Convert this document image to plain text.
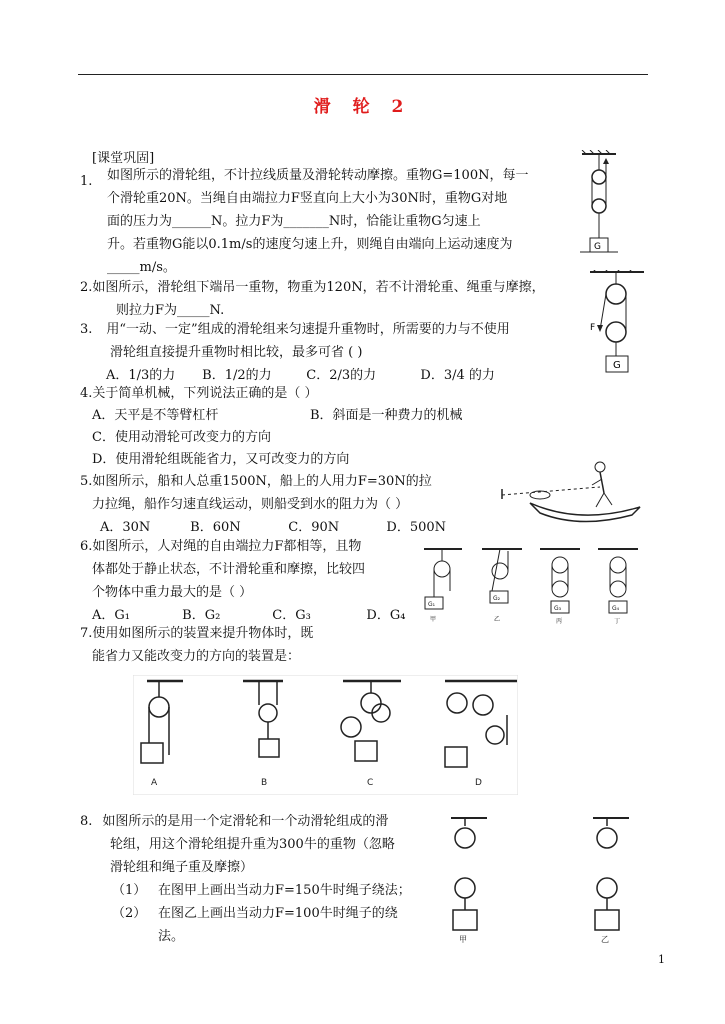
滑 轮 2
[课堂巩固]
1. 如图所示的滑轮组，不计拉线质量及滑轮转动摩擦。重物G=100N，每一
个滑轮重20N。当绳自由端拉力F竖直向上大小为30N时，重物G对地
面的压力为______N。拉力F为_______N时，恰能让重物G匀速上
升。若重物G能以0.1m/s的速度匀速上升，则绳自由端向上运动速度为
_____m/s。
G
2.如图所示，滑轮组下端吊一重物，物重为120N，若不计滑轮重、绳重与摩擦，
则拉力F为_____N.
F
G
3. 用“一动、一定”组成的滑轮组来匀速提升重物时，所需要的力与不使用
滑轮组直接提升重物时相比较，最多可省 ( )
A．1/3的力 B．1/2的力	C．2/3的力	D．3/4 的力
4.关于简单机械，下列说法正确的是（ ）
A．天平是不等臂杠杆	B．斜面是一种费力的机械
C．使用动滑轮可改变力的方向
D．使用滑轮组既能省力，又可改变力的方向
5.如图所示，船和人总重1500N，船上的人用力F=30N的拉
力拉绳，船作匀速直线运动，则船受到水的阻力为（ ）
A．30N	B．60N	C．90N	D．500N
6.如图所示，人对绳的自由端拉力F都相等，且物
体都处于静止状态，不计滑轮重和摩擦，比较四
个物体中重力最大的是（ ）
A．G₁	B．G₂	C．G₃	D．G₄
G₁
G₂
G₃	G₄
甲	乙	丙	丁
7.使用如图所示的装置来提升物体时，既
能省力又能改变力的方向的装置是：
A	B	C	D
8. 如图所示的是用一个定滑轮和一个动滑轮组成的滑
轮组，用这个滑轮组提升重为300牛的重物（忽略
滑轮组和绳子重及摩擦）
（1） 在图甲上画出当动力F=150牛时绳子绕法；
（2） 在图乙上画出当动力F=100牛时绳子的绕
法。	甲	乙
1
